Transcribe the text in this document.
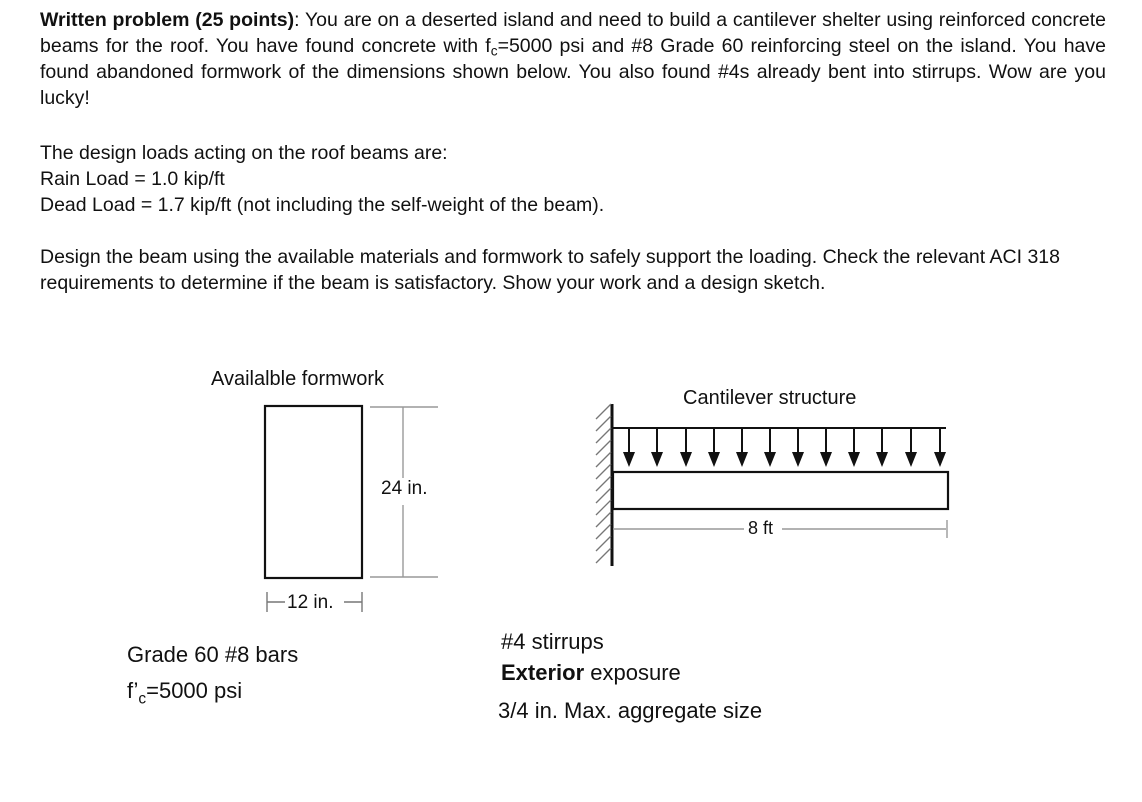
Written problem (25 points): You are on a deserted island and need to build a cantilever shelter using reinforced concrete beams for the roof. You have found concrete with $f_c=5000$ psi and #8 Grade 60 reinforcing steel on the island. You have found abandoned formwork of the dimensions shown below. You also found #4s already bent into stirrups. Wow are you lucky!
The design loads acting on the roof beams are:
Rain Load = 1.0 kip/ft
Dead Load = 1.7 kip/ft (not including the self-weight of the beam).
Design the beam using the available materials and formwork to safely support the loading. Check the relevant ACI 318 requirements to determine if the beam is satisfactory. Show your work and a design sketch.
Availalble formwork
24 in.
12 in.
Cantilever structure
8 ft
Grade 60 #8 bars
$f’_c=5000$ psi
#4 stirrups
Exterior exposure
3/4 in. Max. aggregate size
